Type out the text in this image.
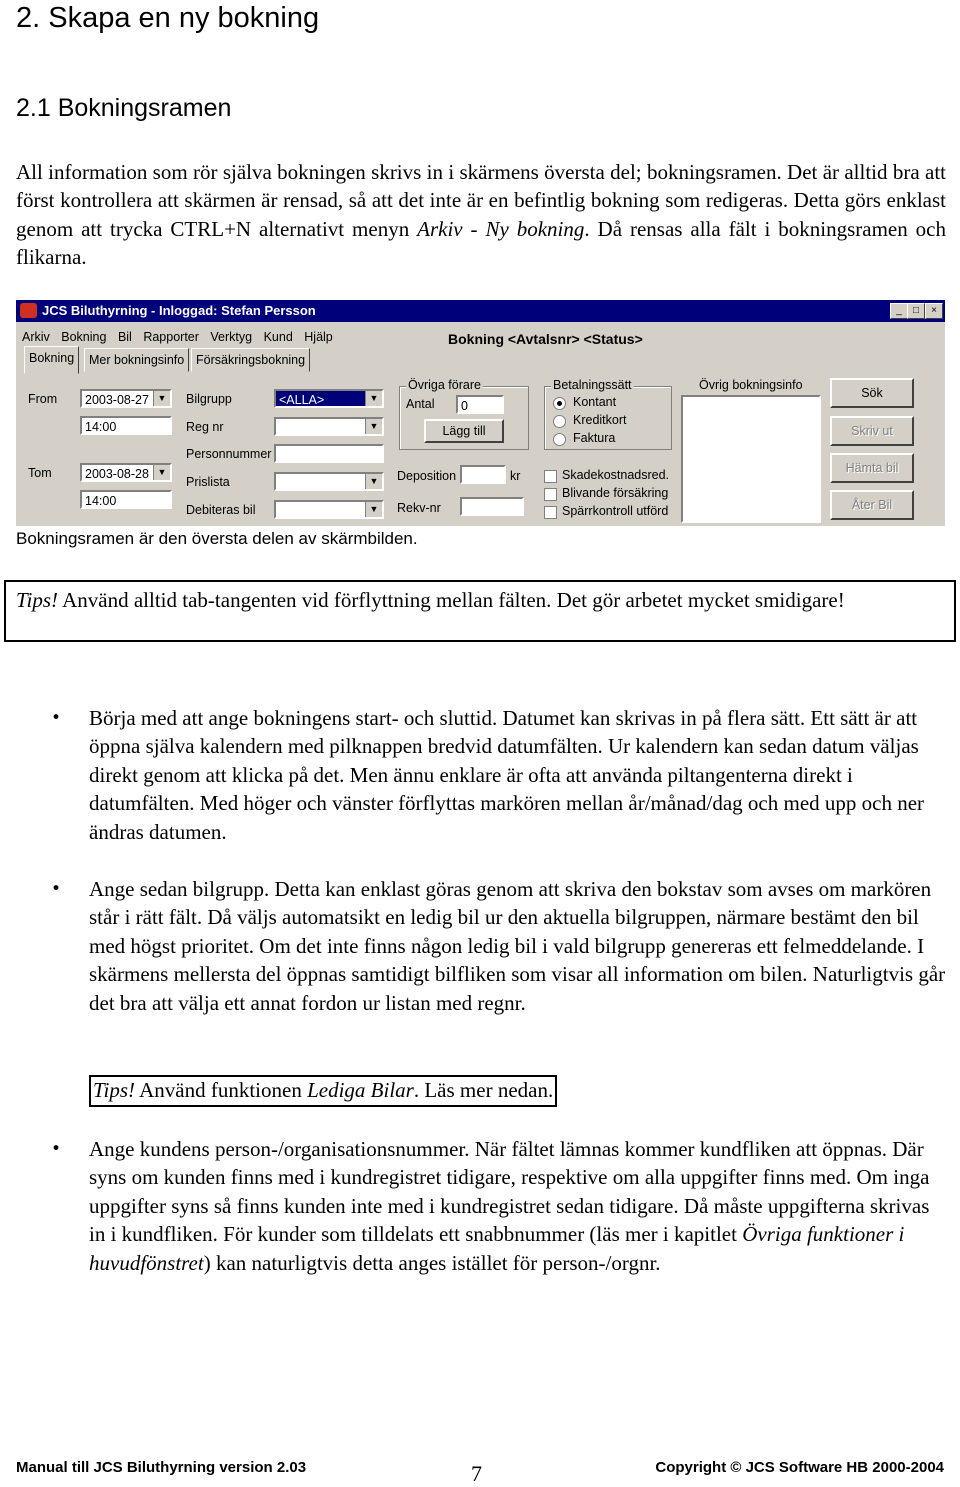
2. Skapa en ny bokning
2.1 Bokningsramen

All information som rör själva bokningen skrivs in i skärmens översta del; bokningsramen. Det är alltid bra att först kontrollera att skärmen är rensad, så att det inte är en befintlig bokning som redigeras. Detta görs enklast genom att trycka CTRL+N alternativt menyn Arkiv - Ny bokning. Då rensas alla fält i bokningsramen och flikarna.

JCS Biluthyrning - Inloggad: Stefan Persson	_	□	×
Arkiv Bokning Bil Rapporter Verktyg Kund Hjälp
Bokning	Mer bokningsinfo Försäkringsbokning
Bokning <Avtalsnr> <Status>
From	2003-08-27 ▼
14:00
Tom	2003-08-28 ▼
14:00
Bilgrupp	<ALLA>	▼
Reg nr	▼
Personnummer
Prislista	▼
Debiteras bil	▼
Övriga förare
Antal	0
Lägg till
Deposition	kr
Rekv-nr
Betalningssätt
Kontant
Kreditkort
Faktura
Skadekostnadsred.
Blivande försäkring
Spärrkontroll utförd
Övrig bokningsinfo
Sök
Skriv ut
Hämta bil
Åter Bil
Bokningsramen är den översta delen av skärmbilden.

Tips! Använd alltid tab-tangenten vid förflyttning mellan fälten. Det gör arbetet mycket smidigare!

• Börja med att ange bokningens start- och sluttid. Datumet kan skrivas in på flera sätt. Ett sätt är att öppna själva kalendern med pilknappen bredvid datumfälten. Ur kalendern kan sedan datum väljas direkt genom att klicka på det. Men ännu enklare är ofta att använda piltangenterna direkt i datumfälten. Med höger och vänster förflyttas markören mellan år/månad/dag och med upp och ner ändras datumen.

• Ange sedan bilgrupp. Detta kan enklast göras genom att skriva den bokstav som avses om markören står i rätt fält. Då väljs automatsikt en ledig bil ur den aktuella bilgruppen, närmare bestämt den bil med högst prioritet. Om det inte finns någon ledig bil i vald bilgrupp genereras ett felmeddelande. I skärmens mellersta del öppnas samtidigt bilfliken som visar all information om bilen. Naturligtvis går det bra att välja ett annat fordon ur listan med regnr.

Tips! Använd funktionen Lediga Bilar. Läs mer nedan.

• Ange kundens person-/organisationsnummer. När fältet lämnas kommer kundfliken att öppnas. Där syns om kunden finns med i kundregistret tidigare, respektive om alla uppgifter finns med. Om inga uppgifter syns så finns kunden inte med i kundregistret sedan tidigare. Då måste uppgifterna skrivas in i kundfliken. För kunder som tilldelats ett snabbnummer (läs mer i kapitlet Övriga funktioner i huvudfönstret) kan naturligtvis detta anges istället för person-/orgnr.

Manual till JCS Biluthyrning version 2.03	7	Copyright © JCS Software HB 2000-2004
